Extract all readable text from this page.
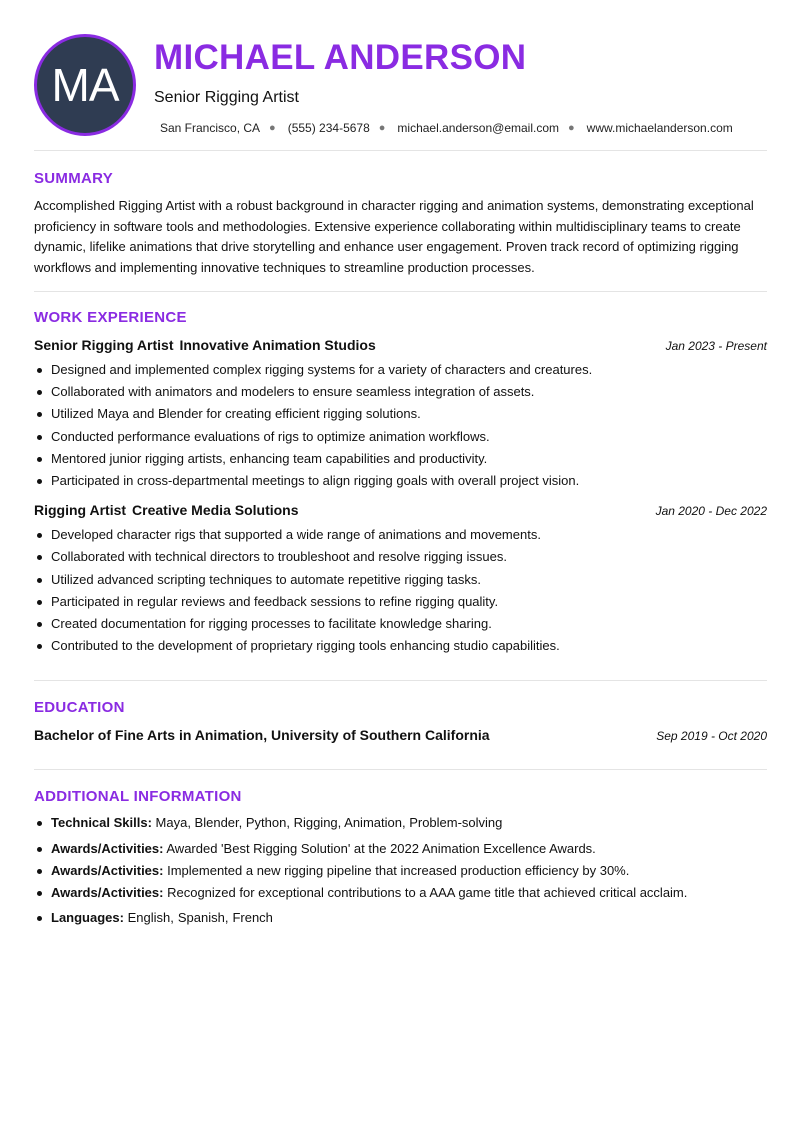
MA
MICHAEL ANDERSON
Senior Rigging Artist
San Francisco, CA ● (555) 234-5678 ● michael.anderson@email.com ● www.michaelanderson.com
SUMMARY

Accomplished Rigging Artist with a robust background in character rigging and animation systems, demonstrating exceptional proficiency in software tools and methodologies. Extensive experience collaborating within multidisciplinary teams to create dynamic, lifelike animations that drive storytelling and enhance user engagement. Proven track record of optimizing rigging workflows and implementing innovative techniques to streamline production processes.

WORK EXPERIENCE
Senior Rigging Artist Innovative Animation Studios	Jan 2023 - Present
Designed and implemented complex rigging systems for a variety of characters and creatures.
Collaborated with animators and modelers to ensure seamless integration of assets.
Utilized Maya and Blender for creating efficient rigging solutions.
Conducted performance evaluations of rigs to optimize animation workflows.
Mentored junior rigging artists, enhancing team capabilities and productivity.
Participated in cross-departmental meetings to align rigging goals with overall project vision.
Rigging Artist Creative Media Solutions	Jan 2020 - Dec 2022
Developed character rigs that supported a wide range of animations and movements.
Collaborated with technical directors to troubleshoot and resolve rigging issues.
Utilized advanced scripting techniques to automate repetitive rigging tasks.
Participated in regular reviews and feedback sessions to refine rigging quality.
Created documentation for rigging processes to facilitate knowledge sharing.
Contributed to the development of proprietary rigging tools enhancing studio capabilities.
EDUCATION
Bachelor of Fine Arts in Animation, University of Southern California	Sep 2019 - Oct 2020
ADDITIONAL INFORMATION
Technical Skills: Maya, Blender, Python, Rigging, Animation, Problem-solving
Awards/Activities: Awarded 'Best Rigging Solution' at the 2022 Animation Excellence Awards.
Awards/Activities: Implemented a new rigging pipeline that increased production efficiency by 30%.
Awards/Activities: Recognized for exceptional contributions to a AAA game title that achieved critical acclaim.
Languages: English, Spanish, French
